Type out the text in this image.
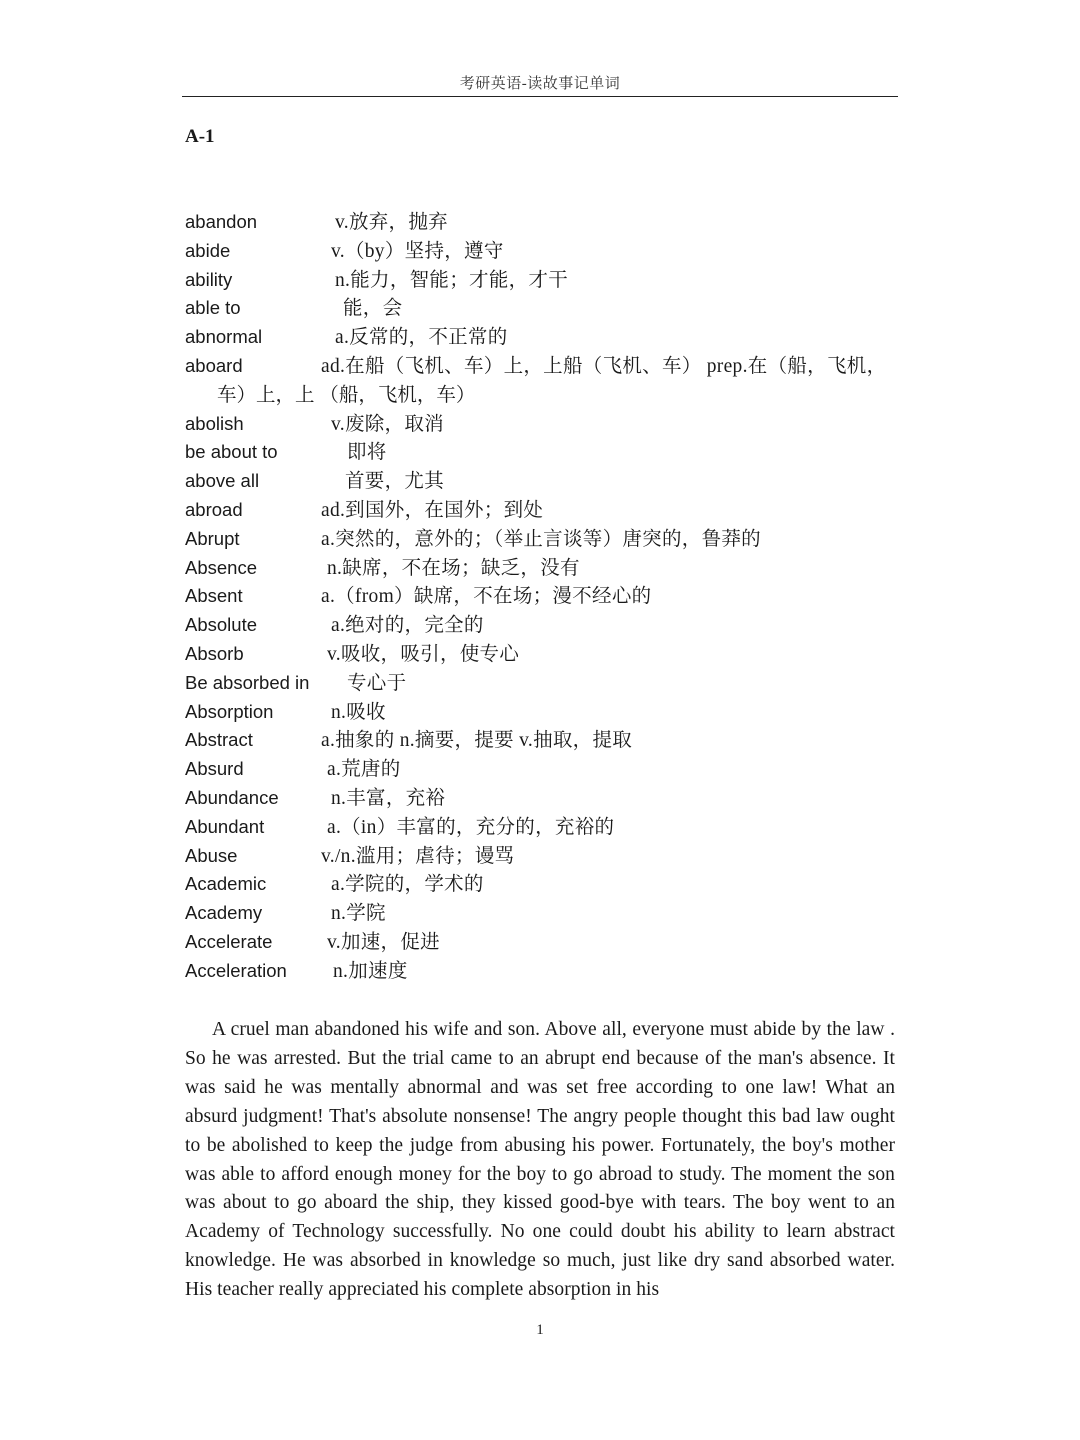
考研英语-读故事记单词
A-1
abandon	v.放弃，抛弃
abide	v.（by）坚持，遵守
ability	n.能力，智能；才能，才干
able to	能，会
abnormal	a.反常的，不正常的
aboard	ad.在船（飞机、车）上，上船（飞机、车） prep.在（船，飞机，
车）上，上 （船，飞机，车）
abolish	v.废除，取消
be about to	即将
above all	首要，尤其
abroad	ad.到国外，在国外；到处
Abrupt	a.突然的，意外的；（举止言谈等）唐突的，鲁莽的
Absence	n.缺席，不在场；缺乏，没有
Absent	a.（from）缺席，不在场；漫不经心的
Absolute	a.绝对的，完全的
Absorb	v.吸收，吸引，使专心
Be absorbed in 专心于
Absorption	n.吸收
Abstract	a.抽象的 n.摘要，提要 v.抽取，提取
Absurd	a.荒唐的
Abundance	n.丰富，充裕
Abundant	a.（in）丰富的，充分的，充裕的
Abuse	v./n.滥用；虐待；谩骂
Academic	a.学院的，学术的
Academy	n.学院
Accelerate	v.加速，促进
Acceleration n.加速度

A cruel man abandoned his wife and son. Above all, everyone must abide by the law . So he was arrested. But the trial came to an abrupt end because of the man's absence. It was said he was mentally abnormal and was set free according to one law! What an absurd judgment! That's absolute nonsense! The angry people thought this bad law ought to be abolished to keep the judge from abusing his power. Fortunately, the boy's mother was able to afford enough money for the boy to go abroad to study. The moment the son was about to go aboard the ship, they kissed good-bye with tears. The boy went to an Academy of Technology successfully. No one could doubt his ability to learn abstract knowledge. He was absorbed in knowledge so much, just like dry sand absorbed water. His teacher really appreciated his complete absorption in his

1
